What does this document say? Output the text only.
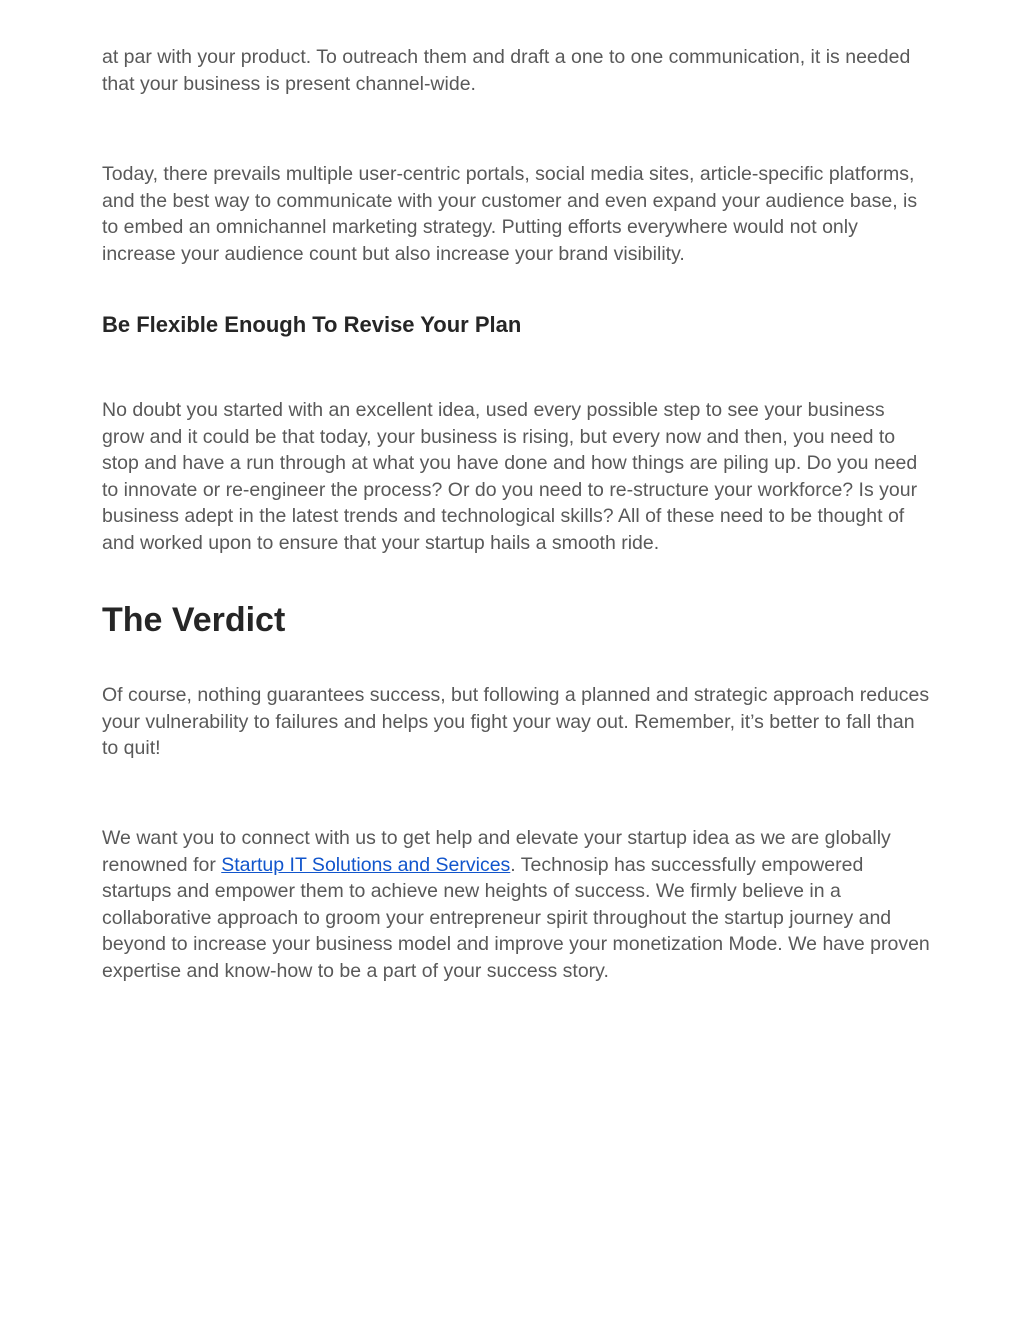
at par with your product. To outreach them and draft a one to one communication, it is needed that your business is present channel-wide.

Today, there prevails multiple user-centric portals, social media sites, article-specific platforms, and the best way to communicate with your customer and even expand your audience base, is to embed an omnichannel marketing strategy. Putting efforts everywhere would not only increase your audience count but also increase your brand visibility.

Be Flexible Enough To Revise Your Plan

No doubt you started with an excellent idea, used every possible step to see your business grow and it could be that today, your business is rising, but every now and then, you need to stop and have a run through at what you have done and how things are piling up. Do you need to innovate or re-engineer the process? Or do you need to re-structure your workforce? Is your business adept in the latest trends and technological skills? All of these need to be thought of and worked upon to ensure that your startup hails a smooth ride.

The Verdict

Of course, nothing guarantees success, but following a planned and strategic approach reduces your vulnerability to failures and helps you fight your way out. Remember, it’s better to fall than to quit!

We want you to connect with us to get help and elevate your startup idea as we are globally renowned for Startup IT Solutions and Services. Technosip has successfully empowered startups and empower them to achieve new heights of success. We firmly believe in a collaborative approach to groom your entrepreneur spirit throughout the startup journey and beyond to increase your business model and improve your monetization Mode. We have proven expertise and know-how to be a part of your success story.
